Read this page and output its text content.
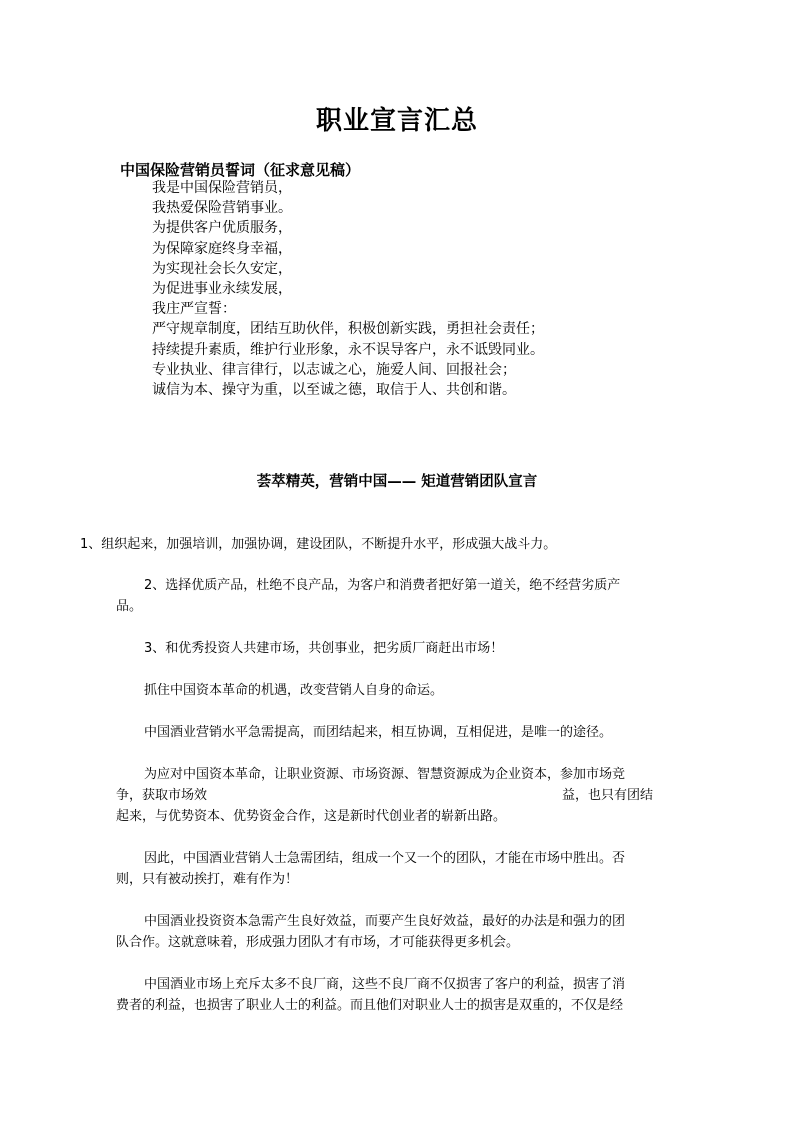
职业宣言汇总
中国保险营销员誓词（征求意见稿）
我是中国保险营销员，
我热爱保险营销事业。
为提供客户优质服务，
为保障家庭终身幸福，
为实现社会长久安定，
为促进事业永续发展，
我庄严宣誓：
严守规章制度，团结互助伙伴，积极创新实践，勇担社会责任；
持续提升素质，维护行业形象，永不误导客户，永不诋毁同业。
专业执业、律言律行，以志诚之心，施爱人间、回报社会；
诚信为本、操守为重，以至诚之德，取信于人、共创和谐。
荟萃精英，营销中国—— 矩道营销团队宣言
1、组织起来，加强培训，加强协调，建设团队，不断提升水平，形成强大战斗力。
2、选择优质产品，杜绝不良产品，为客户和消费者把好第一道关，绝不经营劣质产
品。
3、和优秀投资人共建市场，共创事业，把劣质厂商赶出市场！
抓住中国资本革命的机遇，改变营销人自身的命运。
中国酒业营销水平急需提高，而团结起来，相互协调，互相促进，是唯一的途径。
为应对中国资本革命，让职业资源、市场资源、智慧资源成为企业资本，参加市场竞
争，获取市场效	益，也只有团结
起来，与优势资本、优势资金合作，这是新时代创业者的崭新出路。
因此，中国酒业营销人士急需团结，组成一个又一个的团队，才能在市场中胜出。否
则，只有被动挨打，难有作为！
中国酒业投资资本急需产生良好效益，而要产生良好效益，最好的办法是和强力的团
队合作。这就意味着，形成强力团队才有市场，才可能获得更多机会。
中国酒业市场上充斥太多不良厂商，这些不良厂商不仅损害了客户的利益，损害了消
费者的利益，也损害了职业人士的利益。而且他们对职业人士的损害是双重的，不仅是经
